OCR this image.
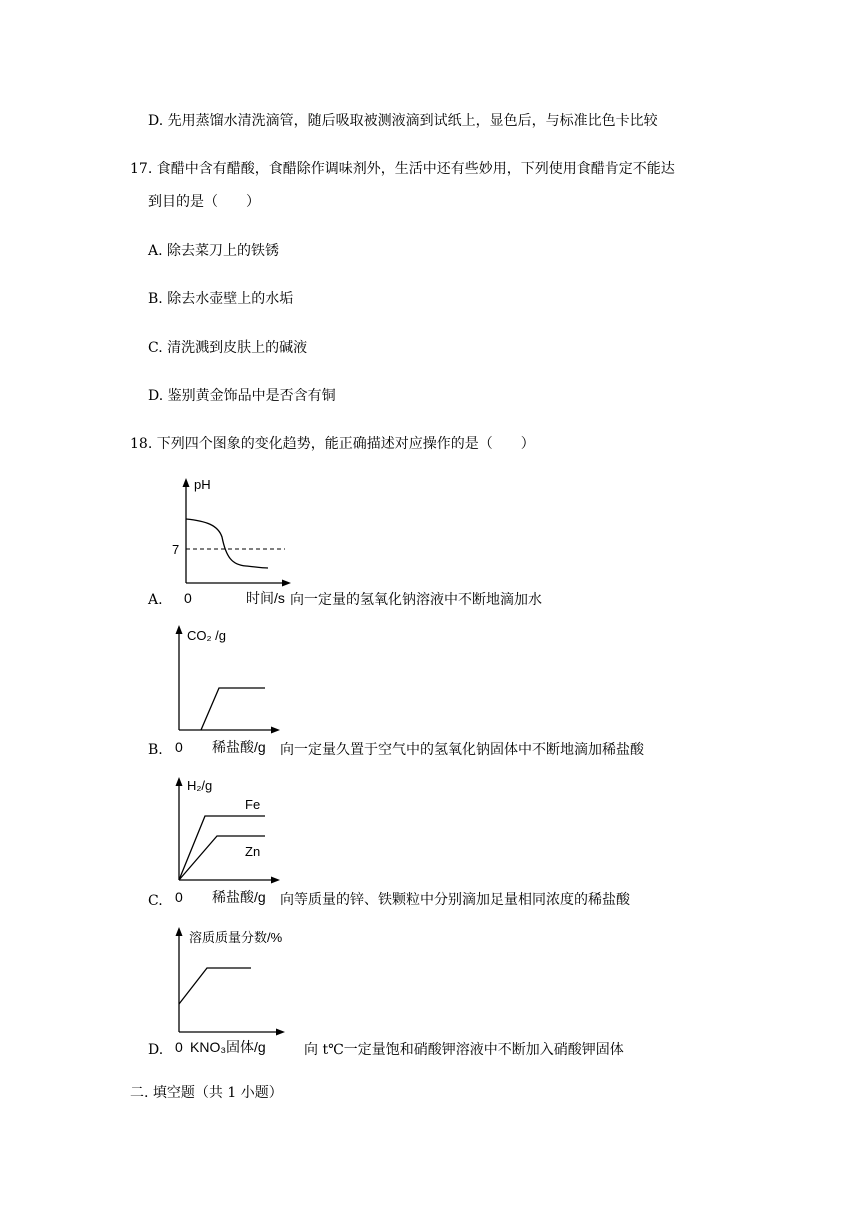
D. 先用蒸馏水清洗滴管，随后吸取被测液滴到试纸上，显色后，与标准比色卡比较
17. 食醋中含有醋酸，食醋除作调味剂外，生活中还有些妙用，下列使用食醋肯定不能达
到目的是（　　）
A. 除去菜刀上的铁锈
B. 除去水壶壁上的水垢
C. 清洗溅到皮肤上的碱液
D. 鉴别黄金饰品中是否含有铜
18. 下列四个图象的变化趋势，能正确描述对应操作的是（　　）
pH
7
A. 0	时间/s 向一定量的氢氧化钠溶液中不断地滴加水
CO₂ /g
B. 0 稀盐酸/g 向一定量久置于空气中的氢氧化钠固体中不断地滴加稀盐酸
H₂/g
Fe
Zn
C. 0 稀盐酸/g 向等质量的锌、铁颗粒中分别滴加足量相同浓度的稀盐酸
溶质质量分数/%
D. 0 KNO₃固体/g	向 t℃一定量饱和硝酸钾溶液中不断加入硝酸钾固体
二. 填空题（共 1 小题）
